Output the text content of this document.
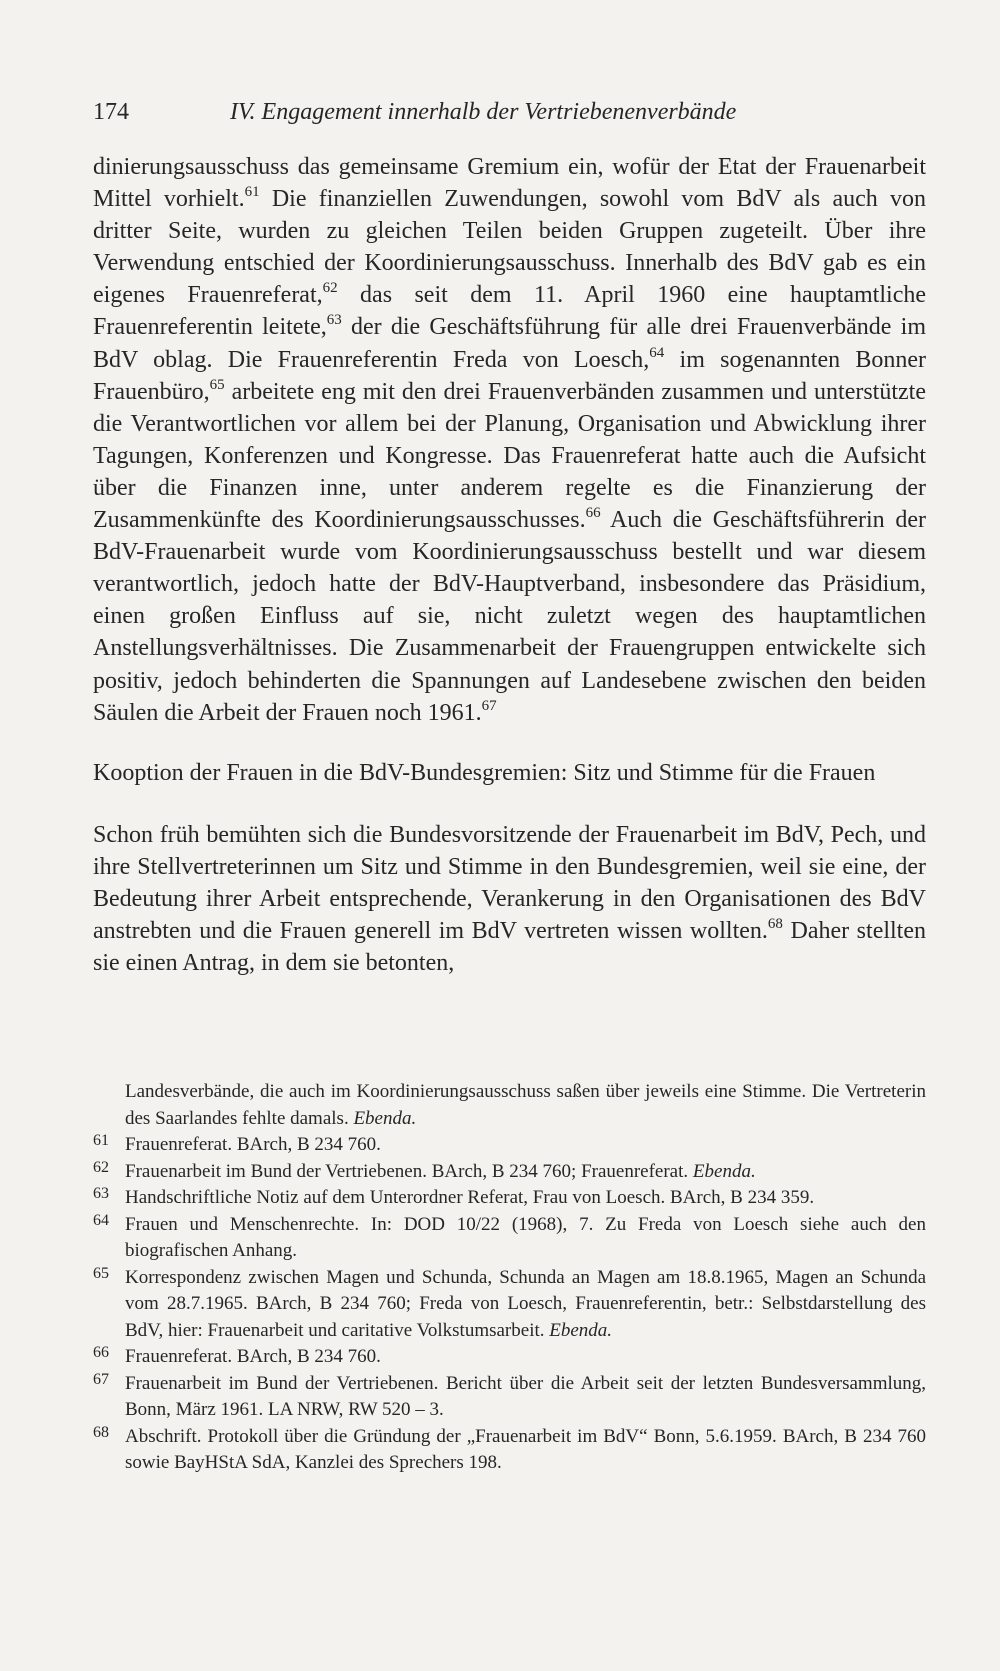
174	IV. Engagement innerhalb der Vertriebenenverbände

dinierungsausschuss das gemeinsame Gremium ein, wofür der Etat der Frauenarbeit Mittel vorhielt.$^{61}$ Die finanziellen Zuwendungen, sowohl vom BdV als auch von dritter Seite, wurden zu gleichen Teilen beiden Gruppen zugeteilt. Über ihre Verwendung entschied der Koordinierungsausschuss. Innerhalb des BdV gab es ein eigenes Frauenreferat,$^{62}$ das seit dem 11. April 1960 eine hauptamtliche Frauenreferentin leitete,$^{63}$ der die Geschäftsführung für alle drei Frauenverbände im BdV oblag. Die Frauenreferentin Freda von Loesch,$^{64}$ im sogenannten Bonner Frauenbüro,$^{65}$ arbeitete eng mit den drei Frauenverbänden zusammen und unterstützte die Verantwortlichen vor allem bei der Planung, Organisation und Abwicklung ihrer Tagungen, Konferenzen und Kongresse. Das Frauenreferat hatte auch die Aufsicht über die Finanzen inne, unter anderem regelte es die Finanzierung der Zusammenkünfte des Koordinierungsausschusses.$^{66}$ Auch die Geschäftsführerin der BdV-Frauenarbeit wurde vom Koordinierungsausschuss bestellt und war diesem verantwortlich, jedoch hatte der BdV-Hauptverband, insbesondere das Präsidium, einen großen Einfluss auf sie, nicht zuletzt wegen des hauptamtlichen Anstellungsverhältnisses. Die Zusammenarbeit der Frauengruppen entwickelte sich positiv, jedoch behinderten die Spannungen auf Landesebene zwischen den beiden Säulen die Arbeit der Frauen noch 1961.67

Kooption der Frauen in die BdV-Bundesgremien: Sitz und Stimme für die Frauen

Schon früh bemühten sich die Bundesvorsitzende der Frauenarbeit im BdV, Pech, und ihre Stellvertreterinnen um Sitz und Stimme in den Bundesgremien, weil sie eine, der Bedeutung ihrer Arbeit entsprechende, Verankerung in den Organisationen des BdV anstrebten und die Frauen generell im BdV vertreten wissen wollten.$^{68}$ Daher stellten sie einen Antrag, in dem sie betonten,

Landesverbände, die auch im Koordinierungsausschuss saßen über jeweils eine Stimme. Die Vertreterin des Saarlandes fehlte damals. Ebenda.

61 Frauenreferat. BArch, B 234 760.

62 Frauenarbeit im Bund der Vertriebenen. BArch, B 234 760; Frauenreferat. Ebenda.

63 Handschriftliche Notiz auf dem Unterordner Referat, Frau von Loesch. BArch, B 234 359.

64 Frauen und Menschenrechte. In: DOD 10/22 (1968), 7. Zu Freda von Loesch siehe auch den biografischen Anhang.

65 Korrespondenz zwischen Magen und Schunda, Schunda an Magen am 18.8.1965, Magen an Schunda vom 28.7.1965. BArch, B 234 760; Freda von Loesch, Frauenreferentin, betr.: Selbstdarstellung des BdV, hier: Frauenarbeit und caritative Volkstumsarbeit. Ebenda.

66 Frauenreferat. BArch, B 234 760.

67 Frauenarbeit im Bund der Vertriebenen. Bericht über die Arbeit seit der letzten Bundesversammlung, Bonn, März 1961. LA NRW, RW 520 – 3.

68 Abschrift. Protokoll über die Gründung der „Frauenarbeit im BdV“ Bonn, 5.6.1959. BArch, B 234 760 sowie BayHStA SdA, Kanzlei des Sprechers 198.
